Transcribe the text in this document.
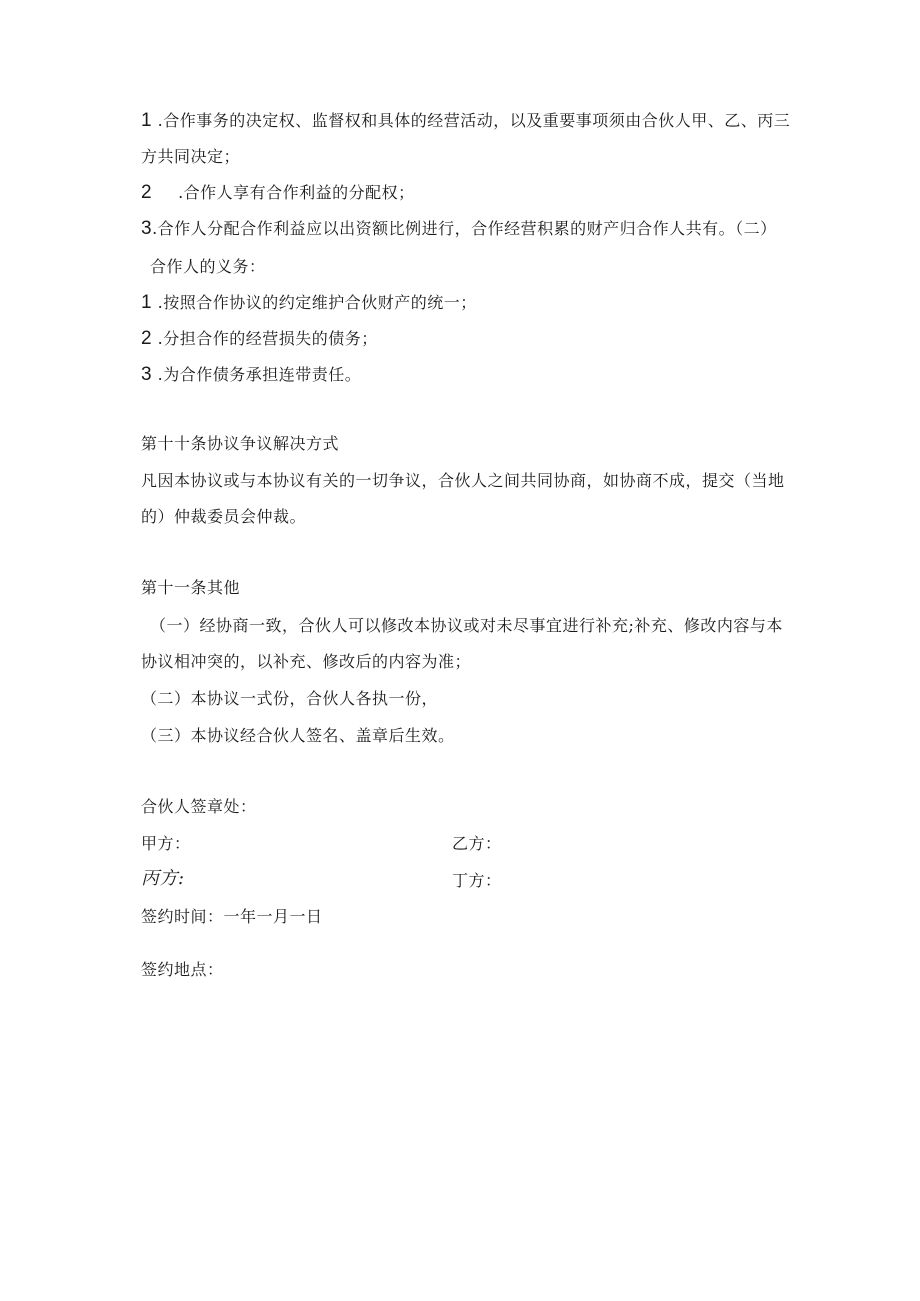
1 .合作事务的决定权、监督权和具体的经营活动，以及重要事项须由合伙人甲、乙、丙三
方共同决定；
2 .合作人享有合作利益的分配权；
3.合作人分配合作利益应以出资额比例进行，合作经营积累的财产归合作人共有。（二）
合作人的义务：
1 .按照合作协议的约定维护合伙财产的统一；
2 .分担合作的经营损失的债务；
3 .为合作债务承担连带责任。
第十十条协议争议解决方式
凡因本协议或与本协议有关的一切争议，合伙人之间共同协商，如协商不成，提交（当地
的）仲裁委员会仲裁。
第十一条其他
（一）经协商一致，合伙人可以修改本协议或对未尽事宜进行补充;补充、修改内容与本
协议相冲突的，以补充、修改后的内容为准；
（二）本协议一式份，合伙人各执一份，
（三）本协议经合伙人签名、盖章后生效。
合伙人签章处：
甲方：	乙方：
丙方:	丁方：
签约时间：一年一月一日
签约地点：
